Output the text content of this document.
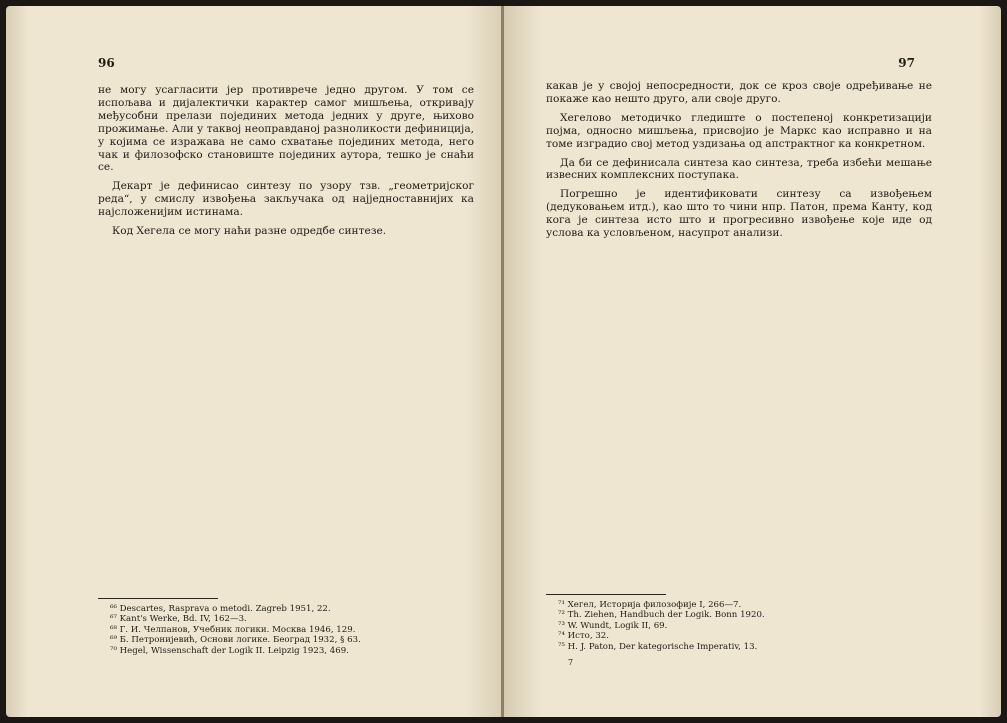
96

не могу усагласити јер противрече једно другом. У том се испољава и дијалектички карактер самог мишљења, откривају међусобни прелази појединих метода једних у друге, њихово прожимање. Али у таквој неоправданој разноликости дефиниција, у којима се изражава не само схватање појединих метода, него чак и филозофско становиште појединих аутора, тешко је снаћи се.

Декарт је дефинисао синтезу по узору тзв. „геометријског реда“, у смислу извођења закључака од најједноставнијих ка најсложенијим истинама.

Код Хегела се могу наћи разне одредбе синтезе.

⁶⁶ Descartes, Rasprava o metodi. Zagreb 1951, 22.
⁶⁷ Kant's Werke, Bd. IV, 162—3.
⁶⁸ Г. И. Челпанов, Учебник логики. Москва 1946, 129.
⁶⁹ Б. Петронијевић, Основи логике. Београд 1932, § 63.
⁷⁰ Hegel, Wissenschaft der Logik II. Leipzig 1923, 469.
97

какав је у својој непосредности, док се кроз своје одређивање не покаже као нешто друго, али своје друго.

Хегелово методичко гледиште о постепеној конкретизацији појма, односно мишљења, присвојио је Маркс као исправно и на томе изградио свој метод уздизања од апстрактног ка конкретном.

Да би се дефинисала синтеза као синтеза, треба избећи мешање извесних комплексних поступака.

Погрешно је идентификовати синтезу са извођењем (дедуковањем итд.), као што то чини нпр. Патон, према Канту, код кога је синтеза исто што и прогресивно извођење које иде од услова ка условљеном, насупрот анализи.

⁷¹ Хегел, Историја филозофије I, 266—7.
⁷² Th. Ziehen, Handbuch der Logik. Bonn 1920.
⁷³ W. Wundt, Logik II, 69.
⁷⁴ Исто, 32.
⁷⁵ H. J. Paton, Der kategorische Imperativ, 13.
7
